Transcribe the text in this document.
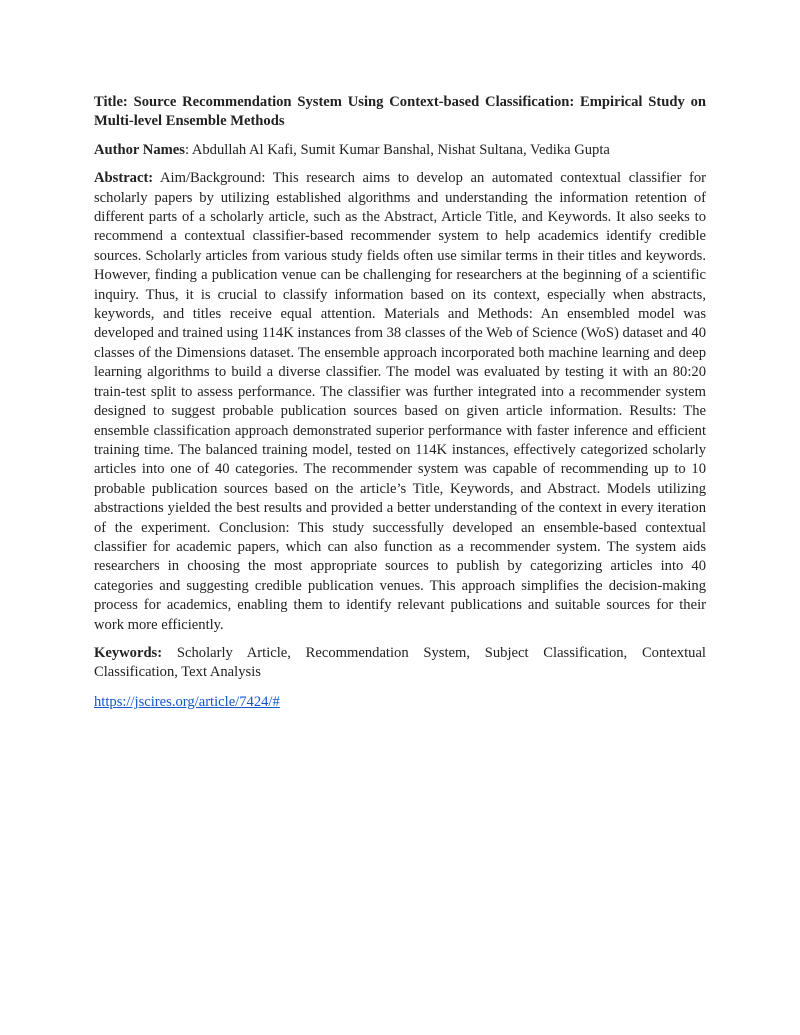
Title: Source Recommendation System Using Context-based Classification: Empirical Study on Multi-level Ensemble Methods

Author Names: Abdullah Al Kafi, Sumit Kumar Banshal, Nishat Sultana, Vedika Gupta

Abstract: Aim/Background: This research aims to develop an automated contextual classifier for scholarly papers by utilizing established algorithms and understanding the information retention of different parts of a scholarly article, such as the Abstract, Article Title, and Keywords. It also seeks to recommend a contextual classifier-based recommender system to help academics identify credible sources. Scholarly articles from various study fields often use similar terms in their titles and keywords. However, finding a publication venue can be challenging for researchers at the beginning of a scientific inquiry. Thus, it is crucial to classify information based on its context, especially when abstracts, keywords, and titles receive equal attention. Materials and Methods: An ensembled model was developed and trained using 114K instances from 38 classes of the Web of Science (WoS) dataset and 40 classes of the Dimensions dataset. The ensemble approach incorporated both machine learning and deep learning algorithms to build a diverse classifier. The model was evaluated by testing it with an 80:20 train-test split to assess performance. The classifier was further integrated into a recommender system designed to suggest probable publication sources based on given article information. Results: The ensemble classification approach demonstrated superior performance with faster inference and efficient training time. The balanced training model, tested on 114K instances, effectively categorized scholarly articles into one of 40 categories. The recommender system was capable of recommending up to 10 probable publication sources based on the article’s Title, Keywords, and Abstract. Models utilizing abstractions yielded the best results and provided a better understanding of the context in every iteration of the experiment. Conclusion: This study successfully developed an ensemble-based contextual classifier for academic papers, which can also function as a recommender system. The system aids researchers in choosing the most appropriate sources to publish by categorizing articles into 40 categories and suggesting credible publication venues. This approach simplifies the decision-making process for academics, enabling them to identify relevant publications and suitable sources for their work more efficiently.

Keywords: Scholarly Article, Recommendation System, Subject Classification, Contextual Classification, Text Analysis

https://jscires.org/article/7424/#
